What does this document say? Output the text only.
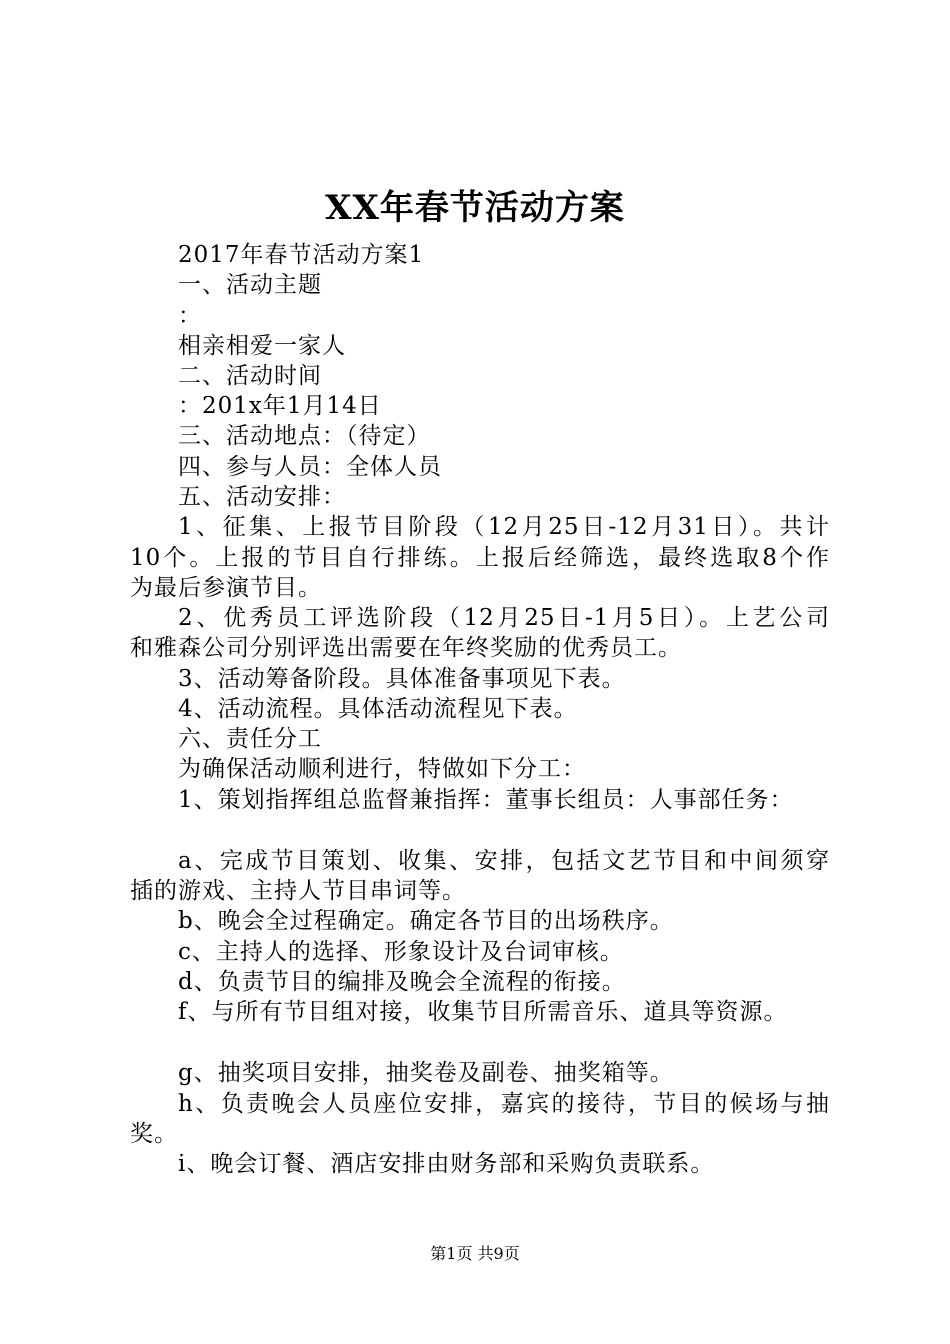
XX年春节活动方案
2017年春节活动方案1
一、活动主题
：
相亲相爱一家人
二、活动时间
：201x年1月14日
三、活动地点：（待定）
四、参与人员：全体人员
五、活动安排：
1、征集、上报节目阶段（12月25日-12月31日）。共计
10个。上报的节目自行排练。上报后经筛选，最终选取8个作
为最后参演节目。
2、优秀员工评选阶段（12月25日-1月5日）。上艺公司
和雅森公司分别评选出需要在年终奖励的优秀员工。
3、活动筹备阶段。具体准备事项见下表。
4、活动流程。具体活动流程见下表。
六、责任分工
为确保活动顺利进行，特做如下分工：
1、策划指挥组总监督兼指挥：董事长组员：人事部任务：
a、完成节目策划、收集、安排，包括文艺节目和中间须穿
插的游戏、主持人节目串词等。
b、晚会全过程确定。确定各节目的出场秩序。
c、主持人的选择、形象设计及台词审核。
d、负责节目的编排及晚会全流程的衔接。
f、与所有节目组对接，收集节目所需音乐、道具等资源。
g、抽奖项目安排，抽奖卷及副卷、抽奖箱等。
h、负责晚会人员座位安排，嘉宾的接待，节目的候场与抽
奖。
i、晚会订餐、酒店安排由财务部和采购负责联系。
第1页 共9页
